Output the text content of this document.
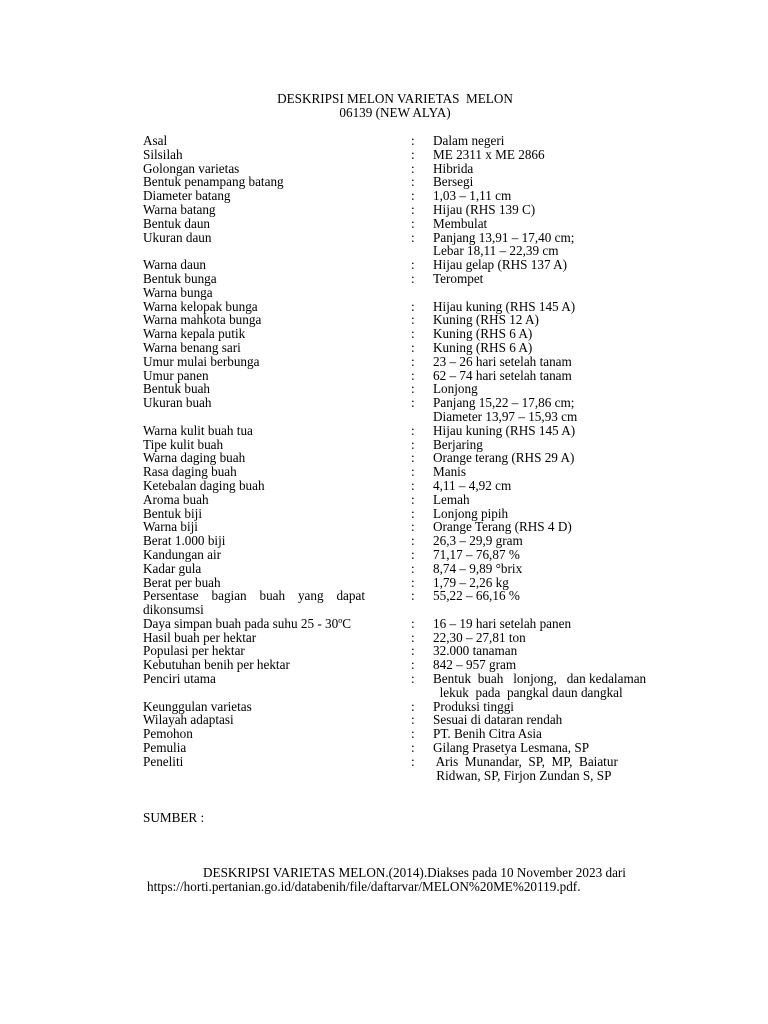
DESKRIPSI MELON VARIETAS  MELON
06139 (NEW ALYA)
Asal	:	Dalam negeri
Silsilah	:	ME 2311 x ME 2866
Golongan varietas	:	Hibrida
Bentuk penampang batang	:	Bersegi
Diameter batang	:	1,03 – 1,11 cm
Warna batang	:	Hijau (RHS 139 C)
Bentuk daun	:	Membulat
Ukuran daun	:	Panjang 13,91 – 17,40 cm;
Lebar 18,11 – 22,39 cm
Warna daun	:	Hijau gelap (RHS 137 A)
Bentuk bunga	:	Terompet
Warna bunga
Warna kelopak bunga	:	Hijau kuning (RHS 145 A)
Warna mahkota bunga	:	Kuning (RHS 12 A)
Warna kepala putik	:	Kuning (RHS 6 A)
Warna benang sari	:	Kuning (RHS 6 A)
Umur mulai berbunga	:	23 – 26 hari setelah tanam
Umur panen	:	62 – 74 hari setelah tanam
Bentuk buah	:	Lonjong
Ukuran buah	:	Panjang 15,22 – 17,86 cm;
Diameter 13,97 – 15,93 cm
Warna kulit buah tua	:	Hijau kuning (RHS 145 A)
Tipe kulit buah	:	Berjaring
Warna daging buah	:	Orange terang (RHS 29 A)
Rasa daging buah	:	Manis
Ketebalan daging buah	:	4,11 – 4,92 cm
Aroma buah	:	Lemah
Bentuk biji	:	Lonjong pipih
Warna biji	:	Orange Terang (RHS 4 D)
Berat 1.000 biji	:	26,3 – 29,9 gram
Kandungan air	:	71,17 – 76,87 %
Kadar gula	:	8,74 – 9,89 °brix
Berat per buah	:	1,79 – 2,26 kg
Persentase bagian buah yang dapat
dikonsumsi
:	55,22 – 66,16 %
Daya simpan buah pada suhu 25 - 30ºC	:	16 – 19 hari setelah panen
Hasil buah per hektar	:	22,30 – 27,81 ton
Populasi per hektar	:	32.000 tanaman
Kebutuhan benih per hektar	:	842 – 957 gram
Penciri utama	:	Bentuk  buah   lonjong,   dan kedalaman
lekuk  pada  pangkal daun dangkal
Keunggulan varietas	:	Produksi tinggi
Wilayah adaptasi	:	Sesuai di dataran rendah
Pemohon	:	PT. Benih Citra Asia
Pemulia	:	Gilang Prasetya Lesmana, SP
Peneliti	:	Aris  Munandar,  SP,  MP,  Baiatur
Ridwan, SP, Firjon Zundan S, SP
SUMBER :
DESKRIPSI VARIETAS MELON.(2014).Diakses pada 10 November 2023 dari
https://horti.pertanian.go.id/databenih/file/daftarvar/MELON%20ME%20119.pdf.
